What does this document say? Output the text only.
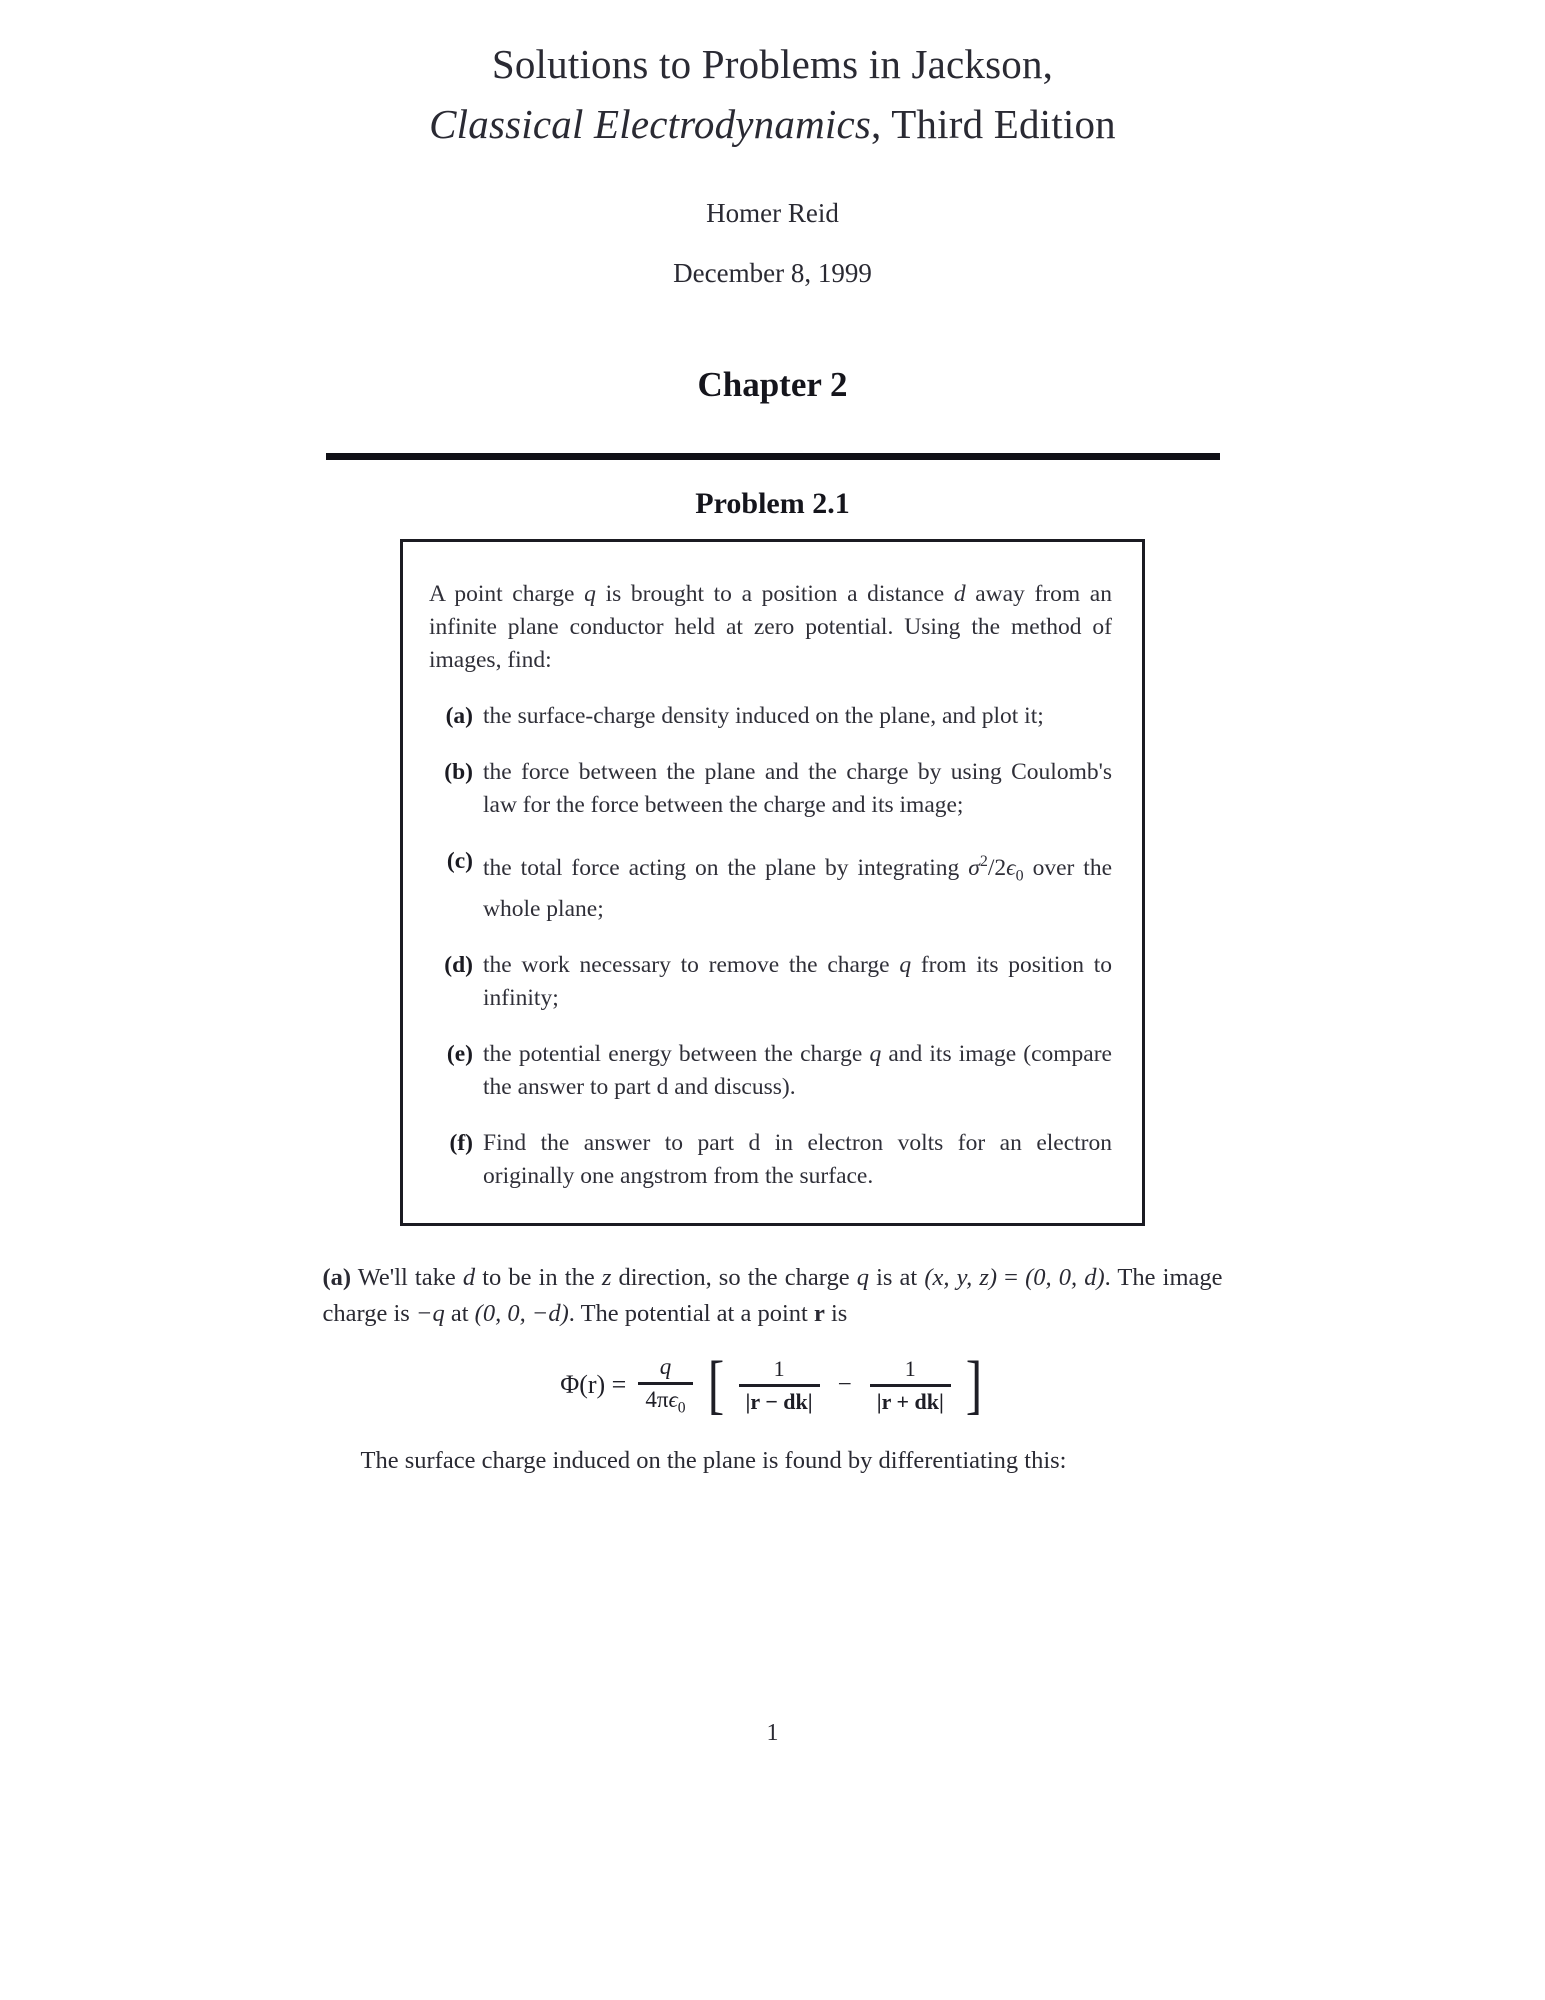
Solutions to Problems in Jackson,
Classical Electrodynamics, Third Edition
Homer Reid
December 8, 1999
Chapter 2
Problem 2.1
A point charge q is brought to a position a distance d away from an infinite plane conductor held at zero potential. Using the method of images, find:
(a) the surface-charge density induced on the plane, and plot it;
(b) the force between the plane and the charge by using Coulomb's law for the force between the charge and its image;
(c) the total force acting on the plane by integrating $\sigma^2/2\epsilon_0$ over the whole plane;
(d) the work necessary to remove the charge q from its position to infinity;
(e) the potential energy between the charge q and its image (compare the answer to part d and discuss).
(f) Find the answer to part d in electron volts for an electron originally one angstrom from the surface.
(a) We'll take d to be in the z direction, so the charge q is at (x, y, z) = (0, 0, d). The image charge is −q at (0, 0, −d). The potential at a point r is
$\Phi(r) = \frac{q}{4\pi\epsilon_0}$ [ $\frac{1}{|r - dk|} - \frac{1}{|r + dk|}$ ]
The surface charge induced on the plane is found by differentiating this:
1
